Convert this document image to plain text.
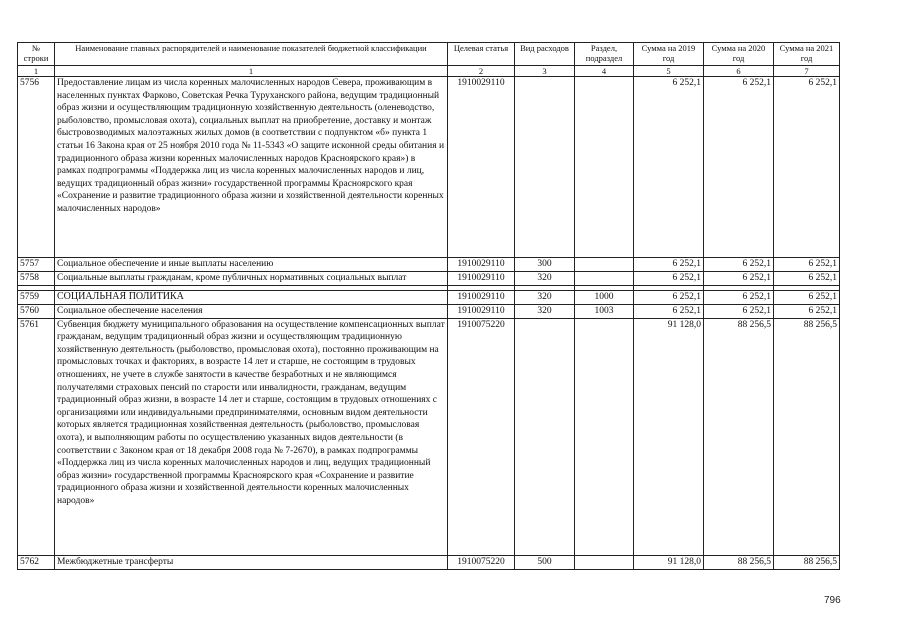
№ строки	Наименование главных распорядителей и наименование показателей бюджетной классификации	Целевая статья	Вид расходов	Раздел, подраздел	Сумма на 2019 год	Сумма на 2020 год	Сумма на 2021 год
1	1	2	3	4	5	6	7
5756	Предоставление лицам из числа коренных малочисленных народов Севера, проживающим в населенных пунктах Фарково, Советская Речка Туруханского района, ведущим традиционный образ жизни и осуществляющим традиционную хозяйственную деятельность (оленеводство, рыболовство, промысловая охота), социальных выплат на приобретение, доставку и монтаж быстровозводимых малоэтажных жилых домов (в соответствии с подпунктом «б» пункта 1 статьи 16 Закона края от 25 ноября 2010 года № 11-5343 «О защите исконной среды обитания и традиционного образа жизни коренных малочисленных народов Красноярского края») в рамках подпрограммы «Поддержка лиц из числа коренных малочисленных народов и лиц, ведущих традиционный образ жизни» государственной программы Красноярского края «Сохранение и развитие традиционного образа жизни и хозяйственной деятельности коренных малочисленных народов»	1910029110			6 252,1	6 252,1	6 252,1
5757	Социальное обеспечение и иные выплаты населению	1910029110	300		6 252,1	6 252,1	6 252,1
5758	Социальные выплаты гражданам, кроме публичных нормативных социальных выплат	1910029110	320		6 252,1	6 252,1	6 252,1

5759	СОЦИАЛЬНАЯ ПОЛИТИКА	1910029110	320	1000	6 252,1	6 252,1	6 252,1
5760	Социальное обеспечение населения	1910029110	320	1003	6 252,1	6 252,1	6 252,1
5761	Субвенция бюджету муниципального образования на осуществление компенсационных выплат гражданам, ведущим традиционный образ жизни и осуществляющим традиционную хозяйственную деятельность (рыболовство, промысловая охота), постоянно проживающим на промысловых точках и факториях, в возрасте 14 лет и старше, не состоящим в трудовых отношениях, не учете в службе занятости в качестве безработных и не являющимся получателями страховых пенсий по старости или инвалидности, гражданам, ведущим традиционный образ жизни, в возрасте 14 лет и старше, состоящим в трудовых отношениях с организациями или индивидуальными предпринимателями, основным видом деятельности которых является традиционная хозяйственная деятельность (рыболовство, промысловая охота), и выполняющим работы по осуществлению указанных видов деятельности (в соответствии с Законом края от 18 декабря 2008 года № 7-2670), в рамках подпрограммы «Поддержка лиц из числа коренных малочисленных народов и лиц, ведущих традиционный образ жизни» государственной программы Красноярского края «Сохранение и развитие традиционного образа жизни и хозяйственной деятельности коренных малочисленных народов»	1910075220			91 128,0	88 256,5	88 256,5
5762	Межбюджетные трансферты	1910075220	500		91 128,0	88 256,5	88 256,5
796
